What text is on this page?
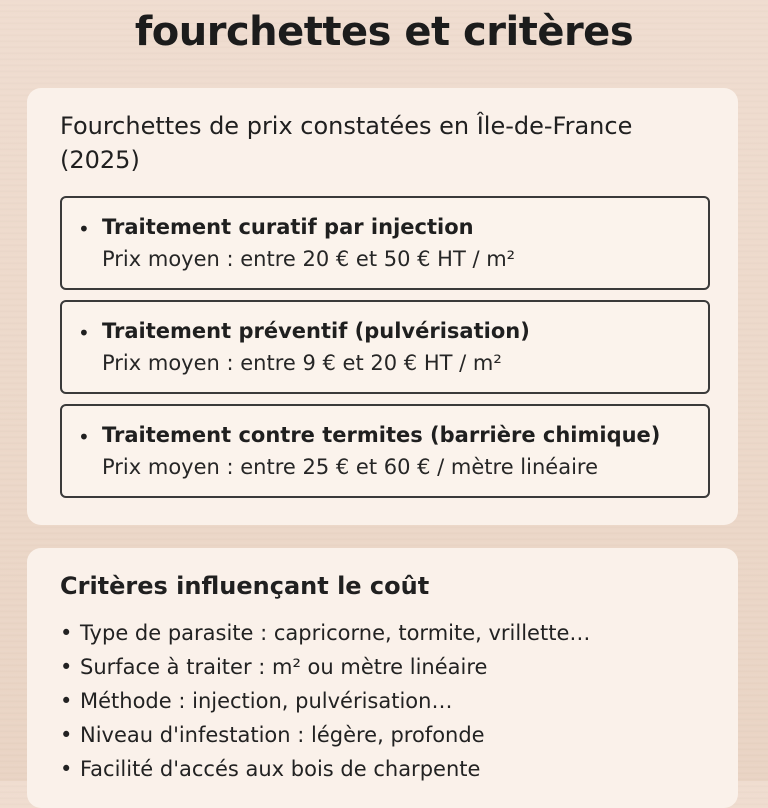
fourchettes et critères
Fourchettes de prix constatées en Île-de-France (2025)
• Traitement curatif par injection
Prix moyen : entre 20 € et 50 € HT / m²
• Traitement préventif (pulvérisation)
Prix moyen : entre 9 € et 20 € HT / m²
• Traitement contre termites (barrière chimique)
Prix moyen : entre 25 € et 60 € / mètre linéaire
Critères influençant le coût
• Type de parasite : capricorne, tormite, vrillette…
• Surface à traiter : m² ou mètre linéaire
• Méthode : injection, pulvérisation…
• Niveau d'infestation : légère, profonde
• Facilité d'accés aux bois de charpente
